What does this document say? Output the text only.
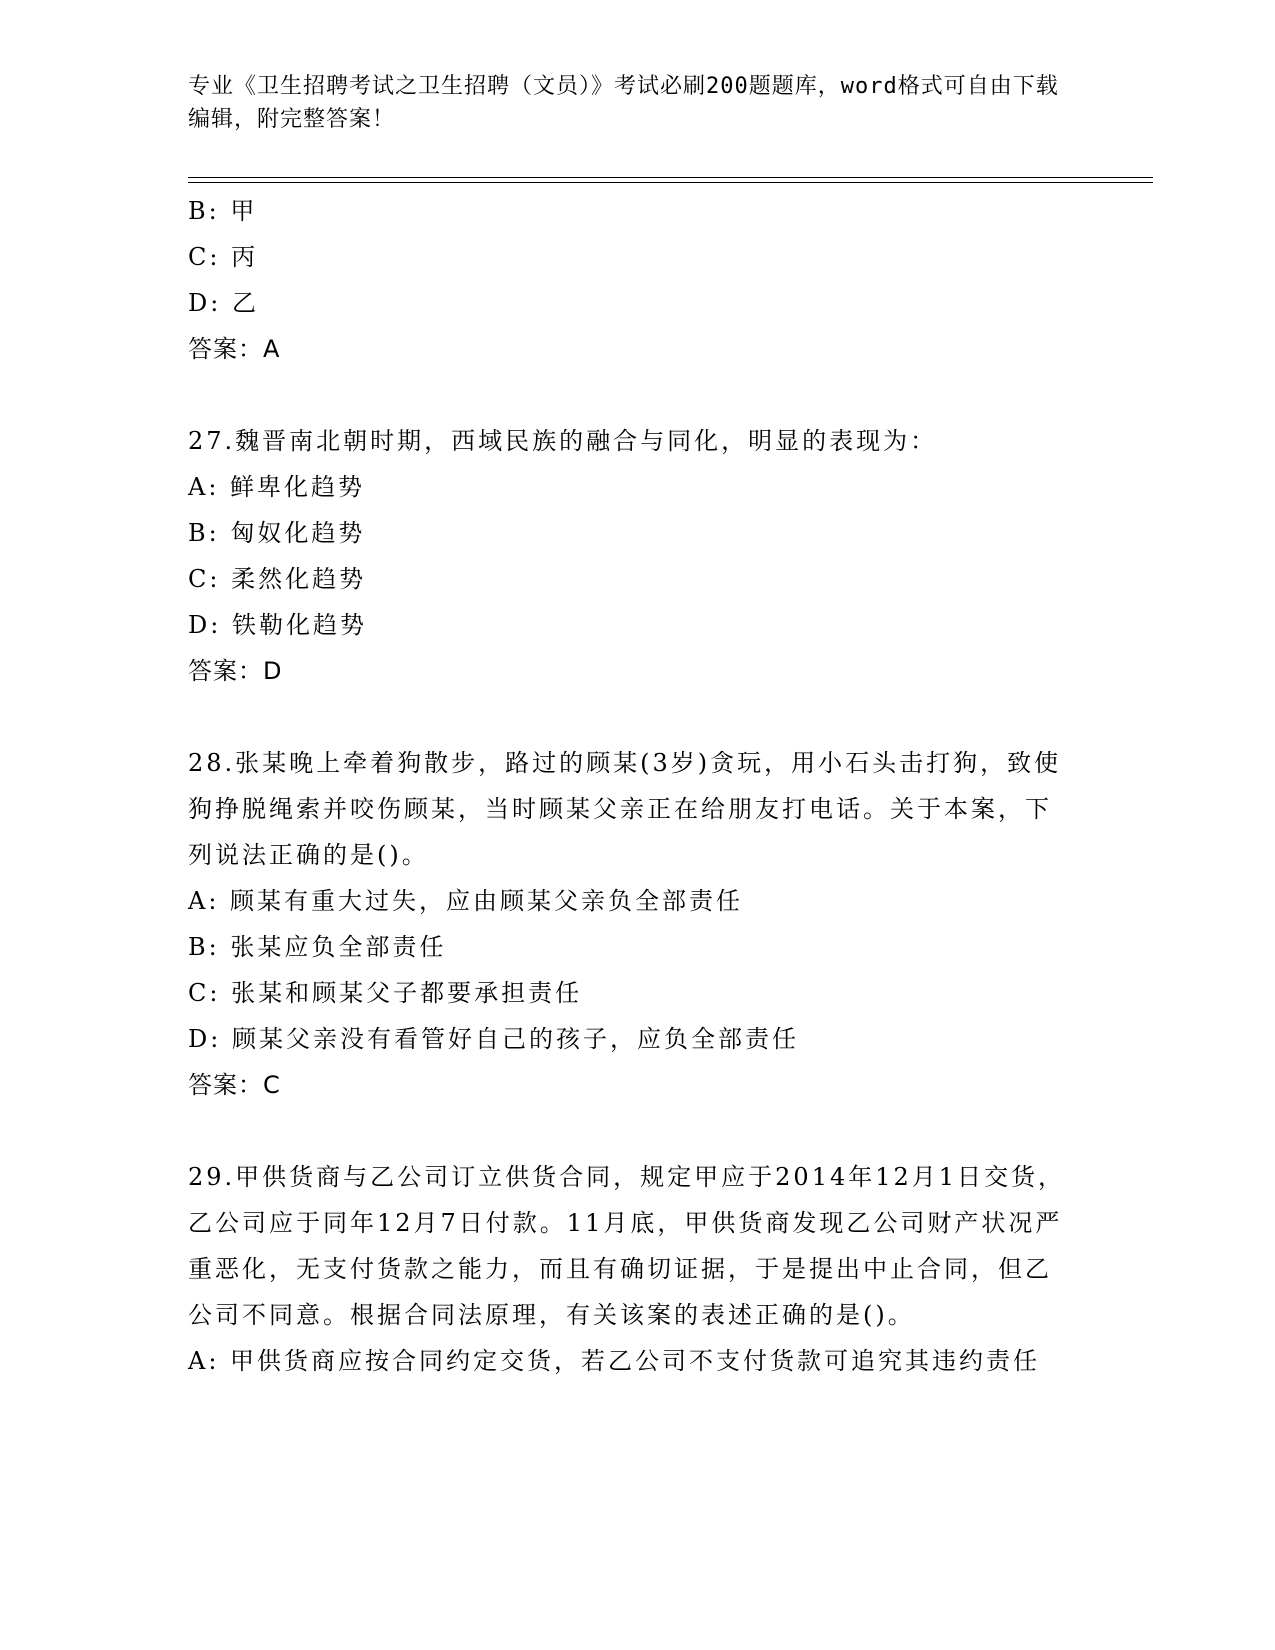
专业《卫生招聘考试之卫生招聘（文员）》考试必刷200题题库，word格式可自由下载编辑，附完整答案！
B: 甲
C: 丙
D: 乙
答案：A
27.魏晋南北朝时期，西域民族的融合与同化，明显的表现为：
A: 鲜卑化趋势
B: 匈奴化趋势
C: 柔然化趋势
D: 铁勒化趋势
答案：D
28.张某晚上牵着狗散步，路过的顾某(3岁)贪玩，用小石头击打狗，致使狗挣脱绳索并咬伤顾某，当时顾某父亲正在给朋友打电话。关于本案，下列说法正确的是()。
A: 顾某有重大过失，应由顾某父亲负全部责任
B: 张某应负全部责任
C: 张某和顾某父子都要承担责任
D: 顾某父亲没有看管好自己的孩子，应负全部责任
答案：C
29.甲供货商与乙公司订立供货合同，规定甲应于2014年12月1日交货，乙公司应于同年12月7日付款。11月底，甲供货商发现乙公司财产状况严重恶化，无支付货款之能力，而且有确切证据，于是提出中止合同，但乙公司不同意。根据合同法原理，有关该案的表述正确的是()。
A: 甲供货商应按合同约定交货，若乙公司不支付货款可追究其违约责任
